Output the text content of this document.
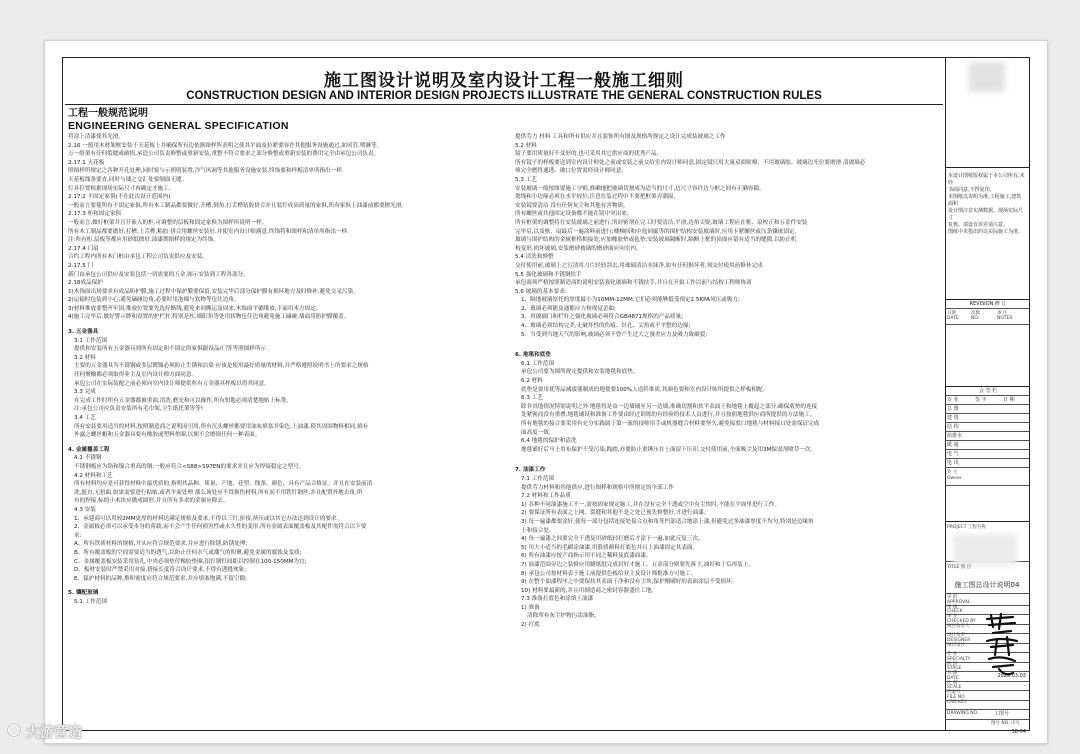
施工图设计说明及室内设计工程一般施工细则
CONSTRUCTION DESIGN AND INTERIOR DESIGN PROJECTS ILLUSTRATE THE GENERAL CONSTRUCTION RULES
工程一般规范说明
ENGINEERING GENERAL SPECIFICATION

将涂上清漆使其光滑。

2.16 一般用木材架框安装于天花板上并确保所有边依据图样所表明之使其平面及拉紧要容许其他服务设施通过,如风管,喷淋等。

万一组架有任何裂缝或破损,承造公司负责修整或重新安装,重整不符合要求之部分修整或重新安装的费用完全由承包公司负责。

2.17.1 天花板

照图样所规定之各种开孔处理,同时要与示照明装置,冷气风洞等其他服务设施安装,终饰要和样板清单所指出一样.

天花板线条要直,同时与墙之交汇处要制面无缝。

灯具位置根据现场实际尺寸再确定才施工。

2.17.2 不固定家俱(不在此次设计范围内)

一般而言要使所有不固定家俱,所有木工制品都要做好,开槽,倒角,打舌榫钻胶拼合并且装钉成高质量的家俱,所有家俱上油漆前都要擦光滑。

2.17.3 柜和固定家俱

一般而言,做好框架并且开嵌入的柜,可调整的层板和固定家俱为图样所说明一样。

所有木工制品都要做好,打槽,上舌榫,粘胶 拼合用螺丝安装好,并使室内设计师满意,终饰将和图样和清单所指出一样.

注:所有柜,层板等都应用砂纸擦好,油漆期图样的规定为终饰。

2.17.4 门扇

合约工程内所有木门框由承包工程公司负责供应及安装。

2.17.5 门

新门由承包公司供应及安装包括一切需要的五金,图示安装到工程各部分。

2.18成品保护

1)木饰面出场要求有成品防护膜,施工过程中保护膜要保留,安装完毕后部分保护膜有损坏地方及时修补,避免交叉污染。

2)运输时包装到小心,避免磕碰边角,必要时用泡棉与软物等包住边角。

3)材料堆放要整齐牢固,堆放位置要先选好路线,避免来回搬运及周来,木饰面平躺堆放,下面用木方固定。

4)施工完毕后,做好警示牌和设置的护栏杆,特别是柱,墙阳角等处用软物包住边角避免施工磕碰,墙面用防护膜覆盖。

3. 五金器具

3.1 工作范围

提供和安装所有五金器具到所有固定和不固定的家俱跟设品/门等等照图样所示

3.2 材料

主要的五金器具为不锈钢或多层镀镍必须防止生锈和沾染 应该是使用最好质量的材料,并严格遵照说明书上所要求之规格

任何聚酸都必须取得业主及室内设计师方面同意。

承包公司在实际装配之前必须向室内设计师提供所有五金器具样板以得其同意。

3.3 完成

在完成工作时所有五金器都被重油,清洗,磨光和可以操作,所有钥匙必须清楚地贴上标签。

注:承包公司应负责安装所有毛巾架,卫生纸托架等等!

3.4 工艺

所有安装要用适当的材料,按照制造商之说明而引用,所有沉头螺丝都要用油灰填塞并染色,上油漆,使其周围物料相同,倘有

外露之螺丝帽和五金器具要有橡胶或塑料垫圈,以便不会磨损任何一种表面。

4. 金属覆盖工程

4.1 不锈钢

不锈钢板应为铬和镍合重高的钢,一般应符合<S88>S97EN的要求并且应为焊接稳定之型号。

4.2 材料和工艺

所有材料均应是可获得材料中最优质的,指明其品种、质量、产地、花型、线条、颜色、具有产品合格证。并且在安装前清

洗,挺直,无扭曲,如果需要进行粘贴,或者平面处理 那么该处应不得损伤材料,所有而不用铁钉钢丝,并且配置外地去角,所

有的焊接,标的小木块应做成圆形,并且所有多余的金属应除去。

4.3 安装

1、承建商可以用较2MM更厚的材料达满足规格及要求,不得以三钉,折接,挤压或以其它办法达到设计的要求。

2、金属板必须可以承受本身的荷载,而不会产生任何损害性或永久性的变形,所有金属表面覆盖板及其配件需符合以下要

求:

A、所有铁质材料的规格,开头应符合规范要求,并应进行除锈,防锈处理;

B、所有覆盖板的空间需要适当的透气,以防止任何水气或潮气的积聚,避免金属的腐蚀及变质;

C、金属覆盖板安装采用钻孔,中央必须垫付橡胶垫圈,铝钉钢钉间距以控制在100-150MM为宜;

D、板材安装时严禁采用对接,搭接长度符合设计要求,不得有透缝现象;

E、保护材料的品种,堆积密度应符合规范要求,并应填塞饱满,不留空隙;

5. 镶配玻璃

5.1 工作范围

提供劳力 材料 工具和所有供应并且装饰所有图及规格所规定之设计完成装玻璃之工作

5.2 材料

镜子要用质量好不变形的,也可采用其它供应商的优秀产品。

所有镜子的样板要送到室内设计师处之前或安装之前交给室内设计师同意,固定镜只用大量双面贴棉、不用玻璃胶、玻璃边光位要磨滑 清玻璃必

须完全磨得通透、玻口位置需经设计师同意。

5.3 工艺

安装玻璃一般按图要施工守则,准确地把玻璃切割成为适当的尺寸,边尺寸容许边与框之间有正确容隙。

划线和小边缘必须在水平较位,注意在装过程中不要把框架弄潮湿。

安装镜要清洁 没有任何灰尘和其他有害物质。

所有螺丝或其他固定设备都不能在镜中突出来。

所有框架的调整将在安装玻璃之前进行,所封密剂在完工时要清洁,平滑,边角尖锐,玻璃工程应在框、扇校正和五金件安装

完毕后,以及框、扇最后一遍涂料前进行;楼梯间和中庭回廊等的围护结构安装玻璃时,应用卡紧螺丝或压条镶嵌固定.

玻璃与围护结构的金属框格相接处,应加橡胶垫或毡垫;安装玻璃隔断时,隔断上框的顶面应留有适当的缝隙,以防止机

构变形,损坏玻璃,安装磨砂玻璃的磨砂面应向室内。

5.4 清洗和修整

交付使用前,玻璃上之污渍用刀片轻轻刮去,用玻璃清洁水抹净,如有任何损坏者,须交付使用前修补完成

5.5 强化玻璃和不锈钢扶手

承包商须严格按照制造商的说明安装强化玻璃和不锈扶手,并且在开始工作以前与结构工程师协商

5.6 玻璃的基本要求:

1、隔地玻璃厚托的厚度最小为10MM-12MM,它们必须能够抵受预定2.5KPA风压或吸力;

2、玻璃必须能及通都应力和视觉歪曲;

3、用玻璃门和栏杆之强化玻璃必须符合GB4871规格的产品质量;

4、玻璃必须结构完美,无破坏性的伤痕、针孔、尖角或不平整的边缘;

5、当受到当地天气的影响,玻璃必须不曾产生过大之漫差应力及吸力致破裂;

6. 地毯和底垫

6.1 工作范围

承包公司要为图所规定提供和安装地毯和底垫。

6.2 材料

底垫是要用优等品减震器制成的地毯要100%人造纤维质,其颜色要和室内设计师所提供之样板相配。

6.3 工艺

除非其他情况特别说明之外 地毯将是由一边墙铺至另一边墙,准确切割和扶平表面上和地毯上覆起之部分,确保底垫的连接

处紧密而没有重叠,地毯铺设和准备工作要由经过训练的有经验的技术人员进行,并且按照地毯供应商所提供的方法施工。

所有地毯的接合要采用有充分实践属于第一流的技师用手或机器缝合材料要坚久,避免接驳口地毯与材料接口处需保证完成

面高度一致。

6.4 地毯的保护和清洗

地毯铺好后马上用布保护不受污染,践踏,亦要防止重锤压在上面留下压印,交付使用前,全面吸尘及用3M保弱剂喷草一次。

7. 油漆工作

7.1 工作范围

提供劳力材料和其他供应,进行图样和规格中所规定的全部工作

7.2 材料和工作品质

1) 各种不同油漆施工不一,需按固家规定施工,并在没有完全干透或空中有尘埃时,不能在平面里进行工作。

2) 要保证所有表面之上网、裂缝和其他不是之处已预先修整好,才进行油漆。

3) 每一遍漆都要涂好,使每一部分包括连接处接合点和角等凹部适合地涂上漆,但避免过多油漆厚度不均匀,特别是边缘角

上和接合处。

4) 每一遍漆之间要完全干透及用砂纸轻打磨后才涂下一遍,如此反复三次。

5) 用大小适当的毛刷涂油漆,用股质颜料打底色并且上油漆固定其表面。

6) 所有油漆应按产商指示用不同之稀料及底漆面漆。

7) 油漆范围旁边之装修应用蜡纸纸完成封好才施工。五金部分则要先拆下,油好和干后再装上。

8) 承包公司按材料表于施工前提供色板给业主及设计师批准方可施工。

9) 在整个油漆程序之中要保持其表面干净和没有尘埃,保护刚刷好的表面涂层不受损坏。

10) 材料要最新的,并且用制造商之密封容器盛往工地。

7.3 准备打底色和涂填上油漆

1) 准备

清除所有灰尘护物污渍油脂。

2) 打底

本设计图纸版权属于本公司所有,未经
书面同意,不得复印。
本图纸以说明为准,工程施工,建筑面积
设计图注非实测数据。现场实际尺寸
复核。请设有误差请注意。
图纸中未指出的以实际施工为准。
REVISION 修 订
日期
DATE
次数
NO.
备 注
NOTES
会 签 栏
专 业	签 字	日 期
总 图
建 筑
结 构
给排水
暖 通
电 气
电 讯
业 主
Owner
PROJECT 工程名称
TITLE 图 目
施工图总设计说明04
审 批
APPROVAL
审 核
CHECK
审 定
CHECKED BY
项目负责人
设计负责
DESIGNER
项目设计
专 业
SPECIALTY
阶 段
STAGE
日 期
DATE	2023.03.03
比 例
SCALE	-
档案号
FILE NO.
CAD KEY
DRAWING NO.	工图号
图号 NO. 序号
38-04
大游营造
